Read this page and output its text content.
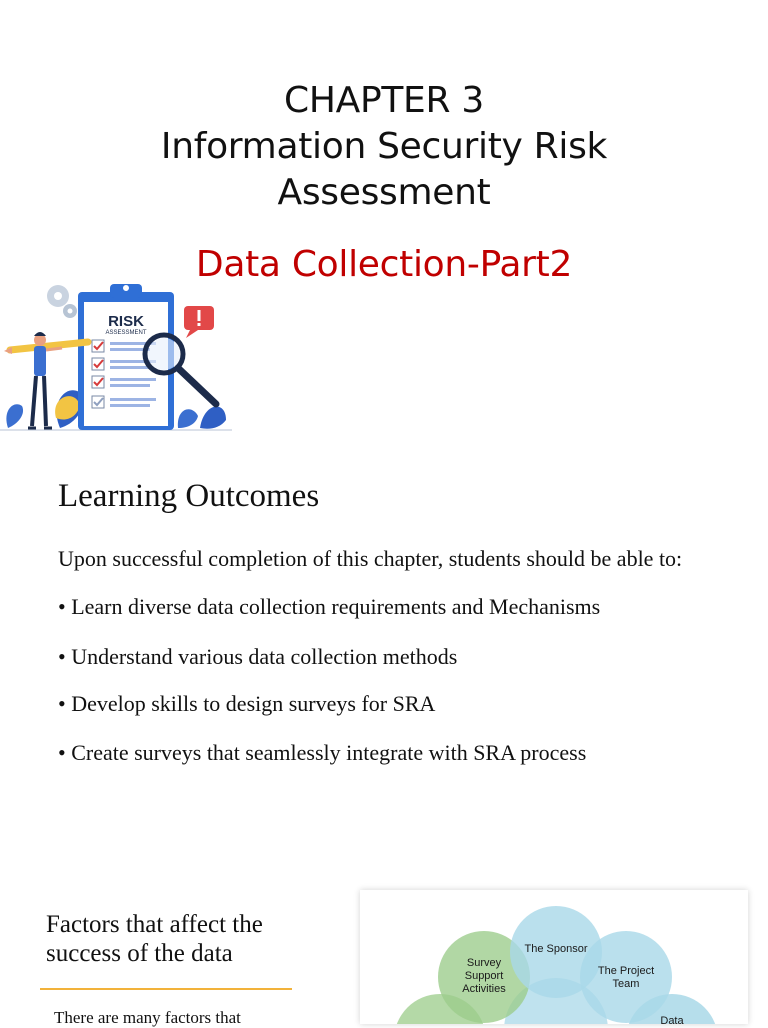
CHAPTER 3
Information Security Risk
Assessment
Data Collection-Part2
RISK
ASSESSMENT
Learning Outcomes
Upon successful completion of this chapter, students should be able to:
• Learn diverse data collection requirements and Mechanisms
• Understand various data collection methods
• Develop skills to design surveys for SRA
• Create surveys that seamlessly integrate with SRA process
Factors that affect the success of the data
There are many factors that
The Sponsor
The Project
Team
Survey
Support
Activities
Data
